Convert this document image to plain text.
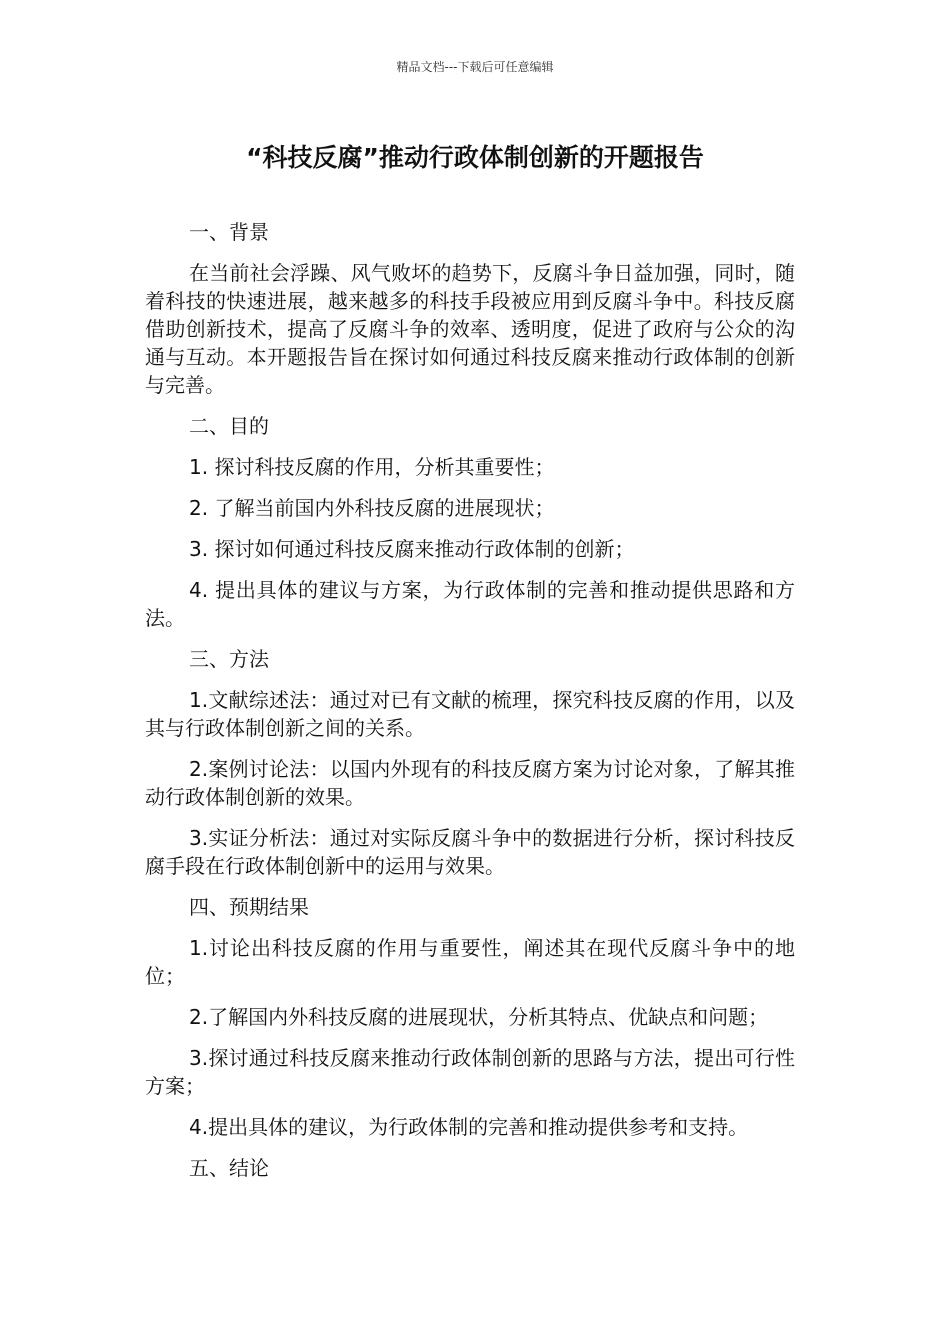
精品文档---下载后可任意编辑
“科技反腐”推动行政体制创新的开题报告

一、背景

在当前社会浮躁、风气败坏的趋势下，反腐斗争日益加强，同时，随着科技的快速进展，越来越多的科技手段被应用到反腐斗争中。科技反腐借助创新技术，提高了反腐斗争的效率、透明度，促进了政府与公众的沟通与互动。本开题报告旨在探讨如何通过科技反腐来推动行政体制的创新与完善。

二、目的

1. 探讨科技反腐的作用，分析其重要性；

2. 了解当前国内外科技反腐的进展现状；

3. 探讨如何通过科技反腐来推动行政体制的创新；

4. 提出具体的建议与方案，为行政体制的完善和推动提供思路和方法。

三、方法

1.文献综述法：通过对已有文献的梳理，探究科技反腐的作用，以及其与行政体制创新之间的关系。

2.案例讨论法：以国内外现有的科技反腐方案为讨论对象，了解其推动行政体制创新的效果。

3.实证分析法：通过对实际反腐斗争中的数据进行分析，探讨科技反腐手段在行政体制创新中的运用与效果。

四、预期结果

1.讨论出科技反腐的作用与重要性，阐述其在现代反腐斗争中的地位；

2.了解国内外科技反腐的进展现状，分析其特点、优缺点和问题；

3.探讨通过科技反腐来推动行政体制创新的思路与方法，提出可行性方案；

4.提出具体的建议，为行政体制的完善和推动提供参考和支持。

五、结论
